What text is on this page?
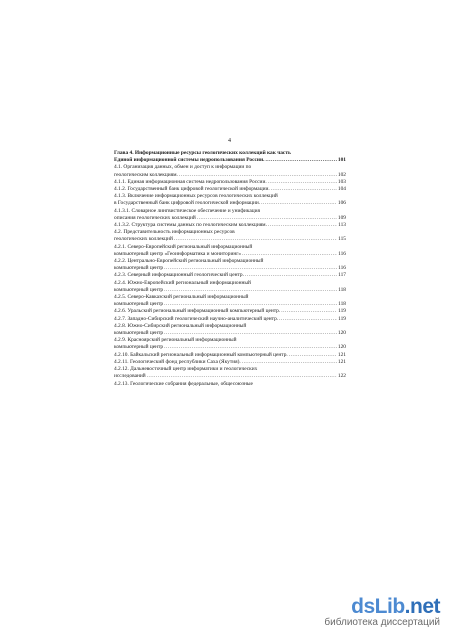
4
Глава 4. Информационные ресурсы геологических коллекций как часть
Единой информационной системы недропользования России. .....	101
4.1. Организация данных, обмен и доступ к информации по
геологическим коллекциям. .....	102
4.1.1. Единая информационная система недропользования России. .....	103
4.1.2. Государственный банк цифровой геологической информации. .....	104
4.1.3. Включение информационных ресурсов геологических коллекций
в Государственный банк цифровой геологической информации. .....	106
4.1.3.1. Словарное лингвистическое обеспечение и унификация
описания геологических коллекций .....	109
4.1.3.2. Структура системы данных по геологическим коллекциям. .....	113
4.2. Представительность информационных ресурсов
геологических коллекций .....	115
4.2.1. Северо-Европейский региональный информационный
компьютерный центр «Геоинформатика и мониторинг» .....	116
4.2.2. Центрально-Европейский региональный информационный
компьютерный центр .....	116
4.2.3. Северный информационный геологический центр. .....	117
4.2.4. Южно-Европейский региональный информационный
компьютерный центр .....	118
4.2.5. Северо-Кавказский региональный информационный
компьютерный центр .....	118
4.2.6. Уральский региональный информационный компьютерный центр. .....	119
4.2.7. Западно-Сибирский геологический научно-аналитический центр. .....	119
4.2.8. Южно-Сибирский региональный информационный
компьютерный центр .....	120
4.2.9. Красноярский региональный информационный
компьютерный центр .....	120
4.2.10. Байкальский региональный информационный компьютерный центр. .....	121
4.2.11. Геологический фонд республики Саха (Якутия). .....	121
4.2.12. Дальневосточный центр информатики и геологических
исследований .....	122
4.2.13. Геологические собрания федеральные, общесоюзные
dsLib.net
библиотека диссертаций
